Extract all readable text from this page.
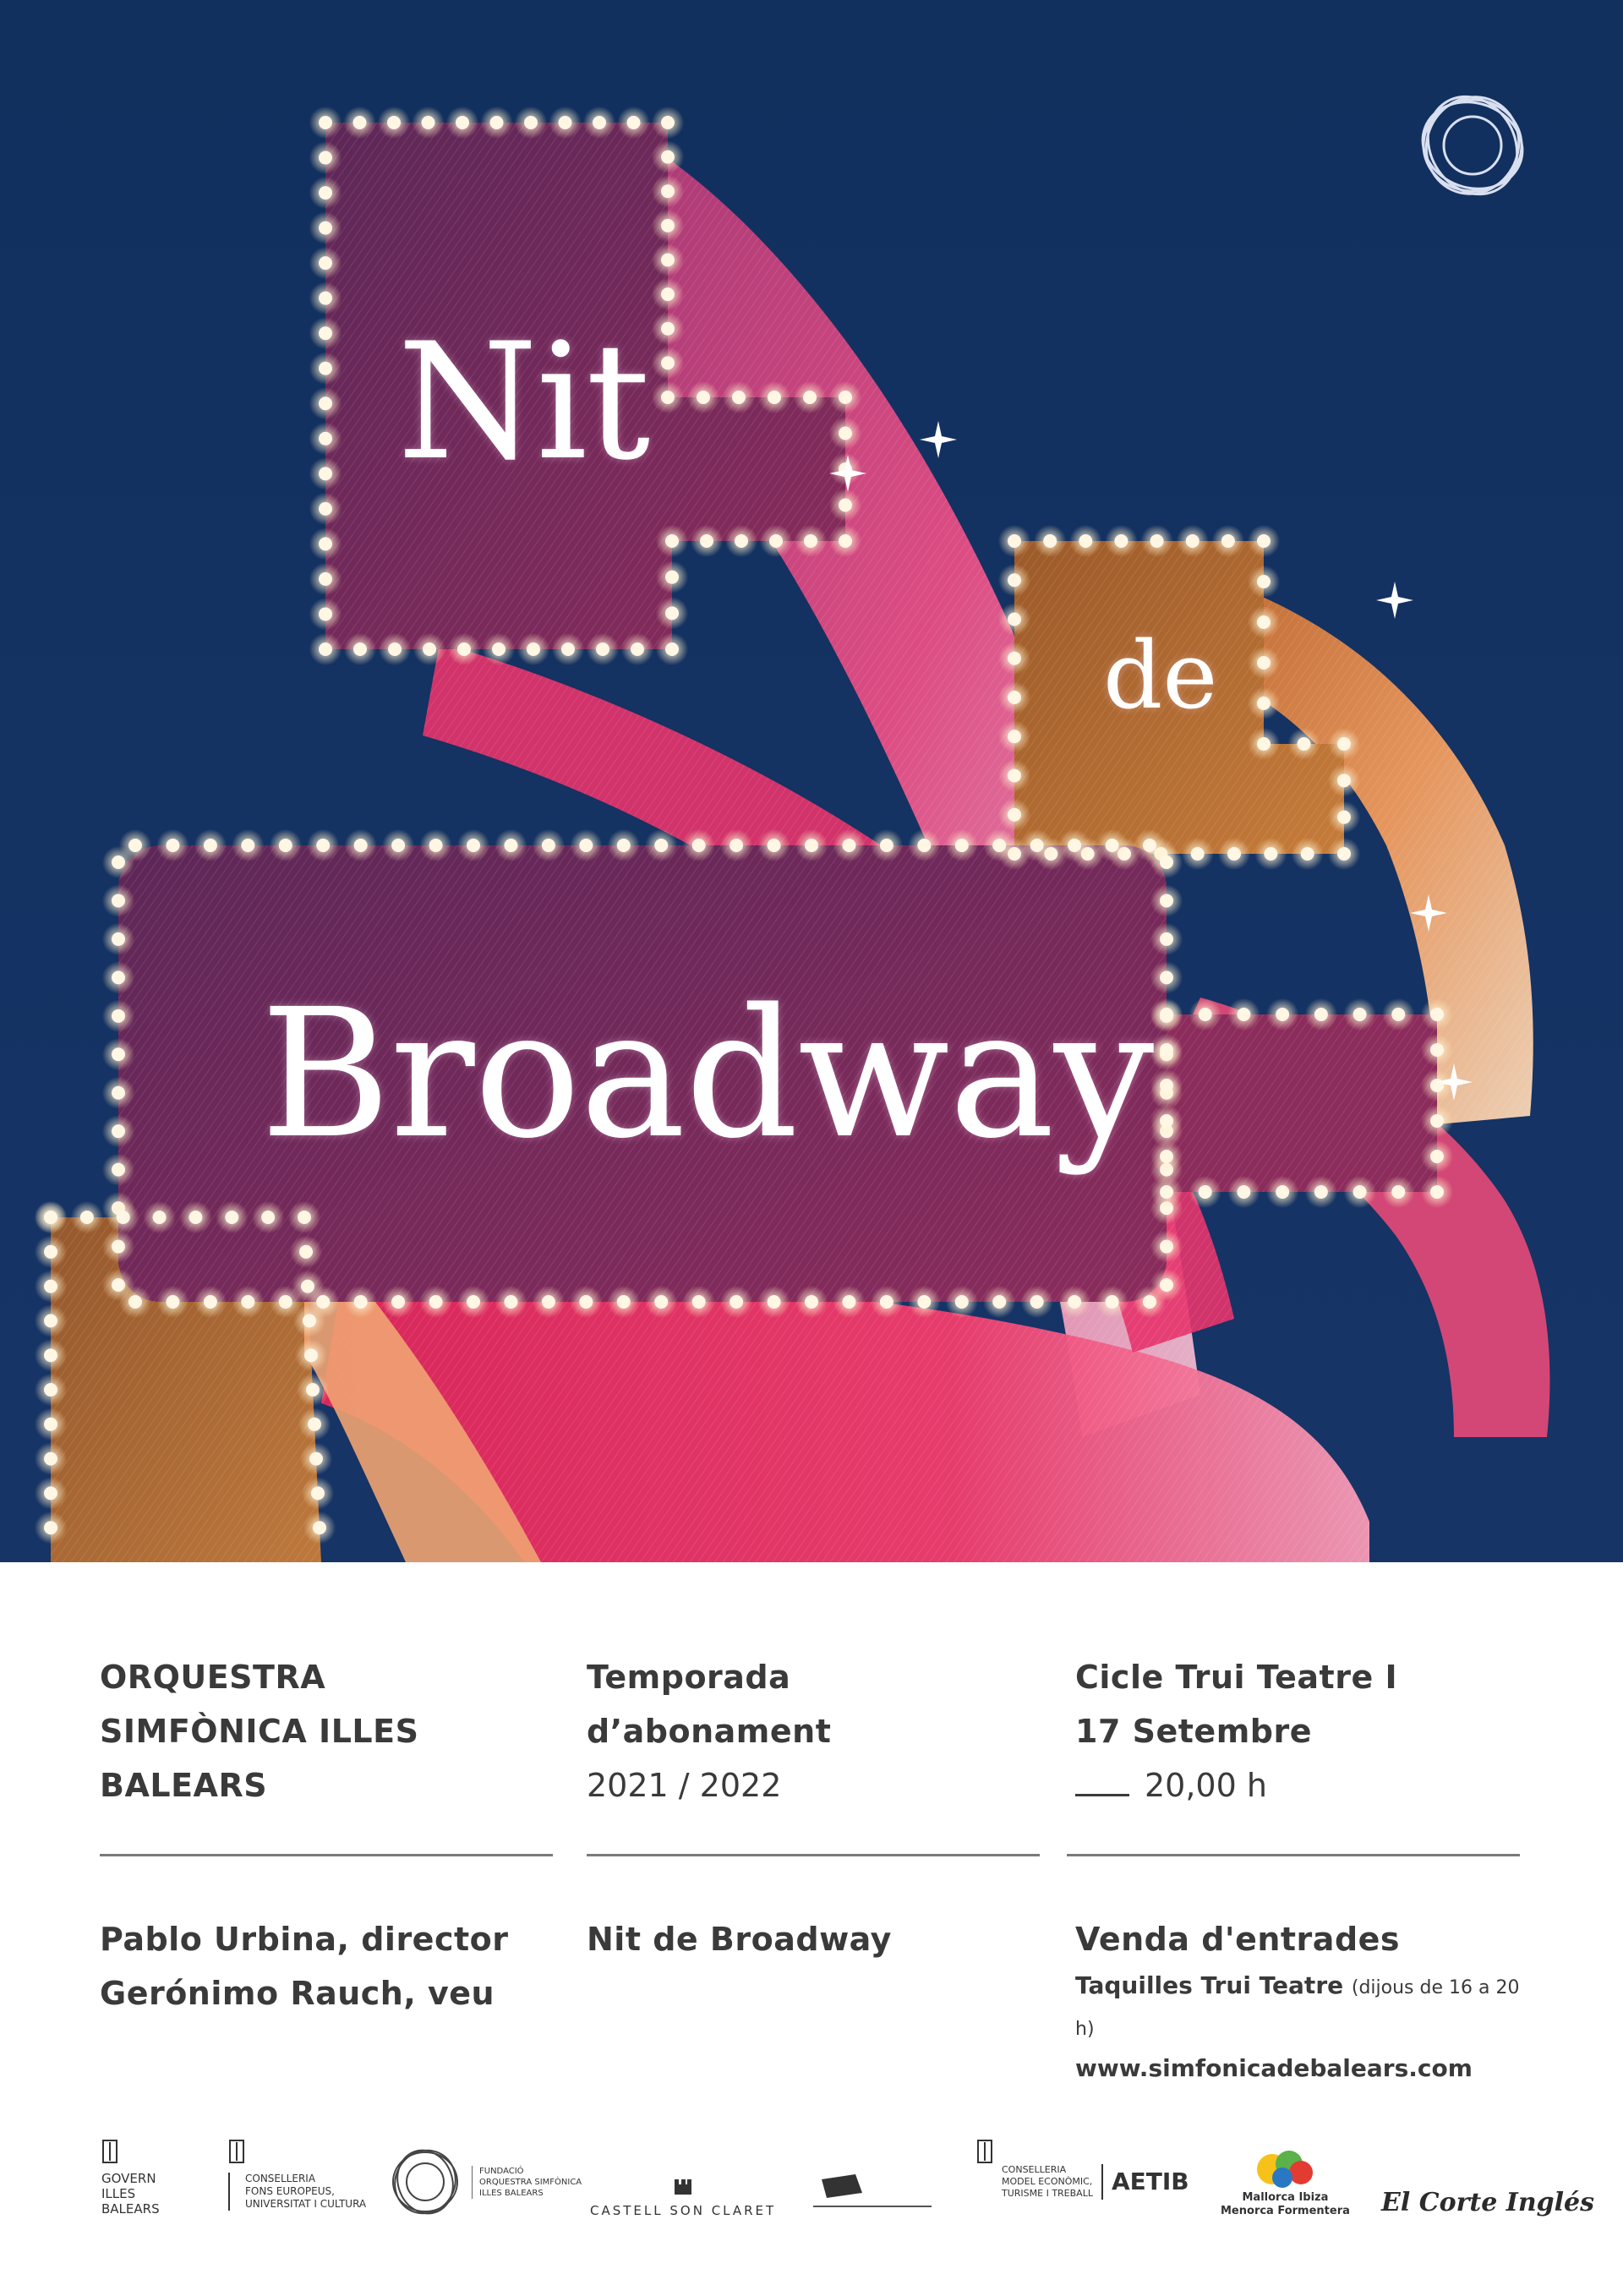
Nit
de
Broadway

ORQUESTRA

SIMFÒNICA ILLES

BALEARS

Temporada

d’abonament

2021 / 2022

Cicle Trui Teatre I

17 Setembre

20,00 h

Pablo Urbina, director

Gerónimo Rauch, veu

Nit de Broadway	Venda d'entrades

Taquilles Trui Teatre (dijous de 16 a 20 h)

www.simfonicadebalears.com

GOVERN
ILLES
BALEARS
CONSELLERIA
FONS EUROPEUS,
UNIVERSITAT I CULTURA
FUNDACIÓ
ORQUESTRA SIMFÒNICA
ILLES BALEARS
CASTELL SON CLARET
CONSELLERIA
MODEL ECONÒMIC,
TURISME I TREBALL AETIB
Mallorca Ibiza
Menorca Formentera El Corte Inglés
